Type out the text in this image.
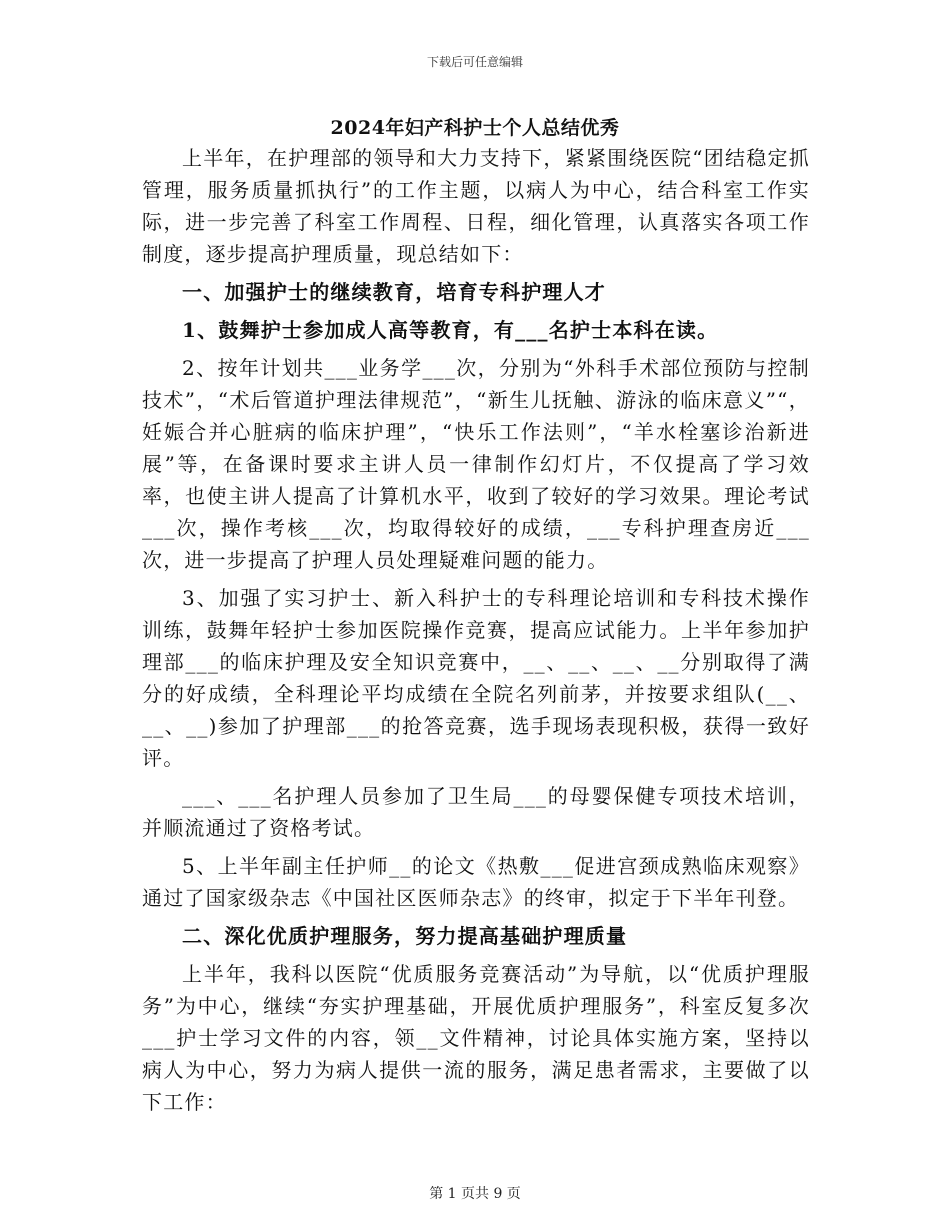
下载后可任意编辑
2024年妇产科护士个人总结优秀

上半年，在护理部的领导和大力支持下，紧紧围绕医院“团结稳定抓管理，服务质量抓执行”的工作主题，以病人为中心，结合科室工作实际，进一步完善了科室工作周程、日程，细化管理，认真落实各项工作制度，逐步提高护理质量，现总结如下：

一、加强护士的继续教育，培育专科护理人才

1、鼓舞护士参加成人高等教育，有___名护士本科在读。

2、按年计划共___业务学___次，分别为“外科手术部位预防与控制技术”，“术后管道护理法律规范”，“新生儿抚触、游泳的临床意义”“，妊娠合并心脏病的临床护理”，“快乐工作法则”，“羊水栓塞诊治新进展”等，在备课时要求主讲人员一律制作幻灯片，不仅提高了学习效率，也使主讲人提高了计算机水平，收到了较好的学习效果。理论考试___次，操作考核___次，均取得较好的成绩，___专科护理查房近___次，进一步提高了护理人员处理疑难问题的能力。

3、加强了实习护士、新入科护士的专科理论培训和专科技术操作训练，鼓舞年轻护士参加医院操作竞赛，提高应试能力。上半年参加护理部___的临床护理及安全知识竞赛中，__、__、__、__分别取得了满分的好成绩，全科理论平均成绩在全院名列前茅，并按要求组队(__、__、__)参加了护理部___的抢答竞赛，选手现场表现积极，获得一致好评。

___、___名护理人员参加了卫生局___的母婴保健专项技术培训，并顺流通过了资格考试。

5、上半年副主任护师__的论文《热敷___促进宫颈成熟临床观察》通过了国家级杂志《中国社区医师杂志》的终审，拟定于下半年刊登。

二、深化优质护理服务，努力提高基础护理质量

上半年，我科以医院“优质服务竞赛活动”为导航，以“优质护理服务”为中心，继续“夯实护理基础，开展优质护理服务”，科室反复多次___护士学习文件的内容，领__文件精神，讨论具体实施方案，坚持以病人为中心，努力为病人提供一流的服务，满足患者需求，主要做了以下工作：

第 1 页共 9 页
